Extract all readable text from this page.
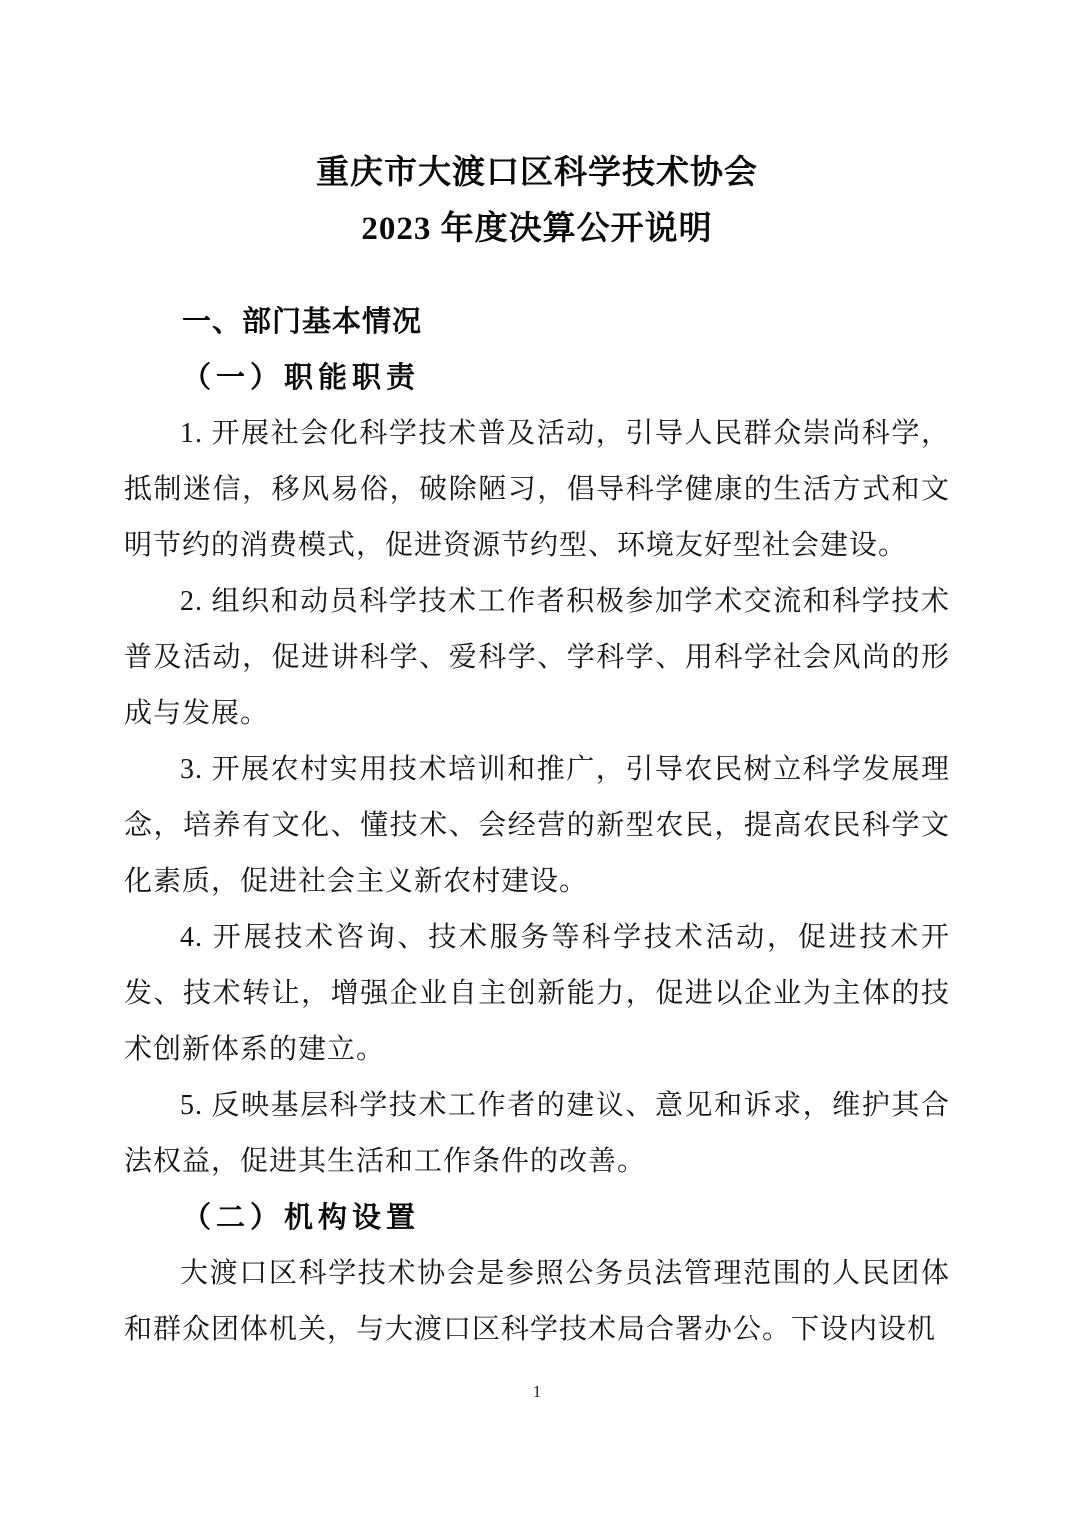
重庆市大渡口区科学技术协会
2023 年度决算公开说明
一、部门基本情况
（一）职能职责

1. 开展社会化科学技术普及活动，引导人民群众崇尚科学，抵制迷信，移风易俗，破除陋习，倡导科学健康的生活方式和文明节约的消费模式，促进资源节约型、环境友好型社会建设。

2. 组织和动员科学技术工作者积极参加学术交流和科学技术普及活动，促进讲科学、爱科学、学科学、用科学社会风尚的形成与发展。

3. 开展农村实用技术培训和推广，引导农民树立科学发展理念，培养有文化、懂技术、会经营的新型农民，提高农民科学文化素质，促进社会主义新农村建设。

4. 开展技术咨询、技术服务等科学技术活动，促进技术开发、技术转让，增强企业自主创新能力，促进以企业为主体的技术创新体系的建立。

5. 反映基层科学技术工作者的建议、意见和诉求，维护其合法权益，促进其生活和工作条件的改善。

（二）机构设置

大渡口区科学技术协会是参照公务员法管理范围的人民团体和群众团体机关，与大渡口区科学技术局合署办公。下设内设机

1
